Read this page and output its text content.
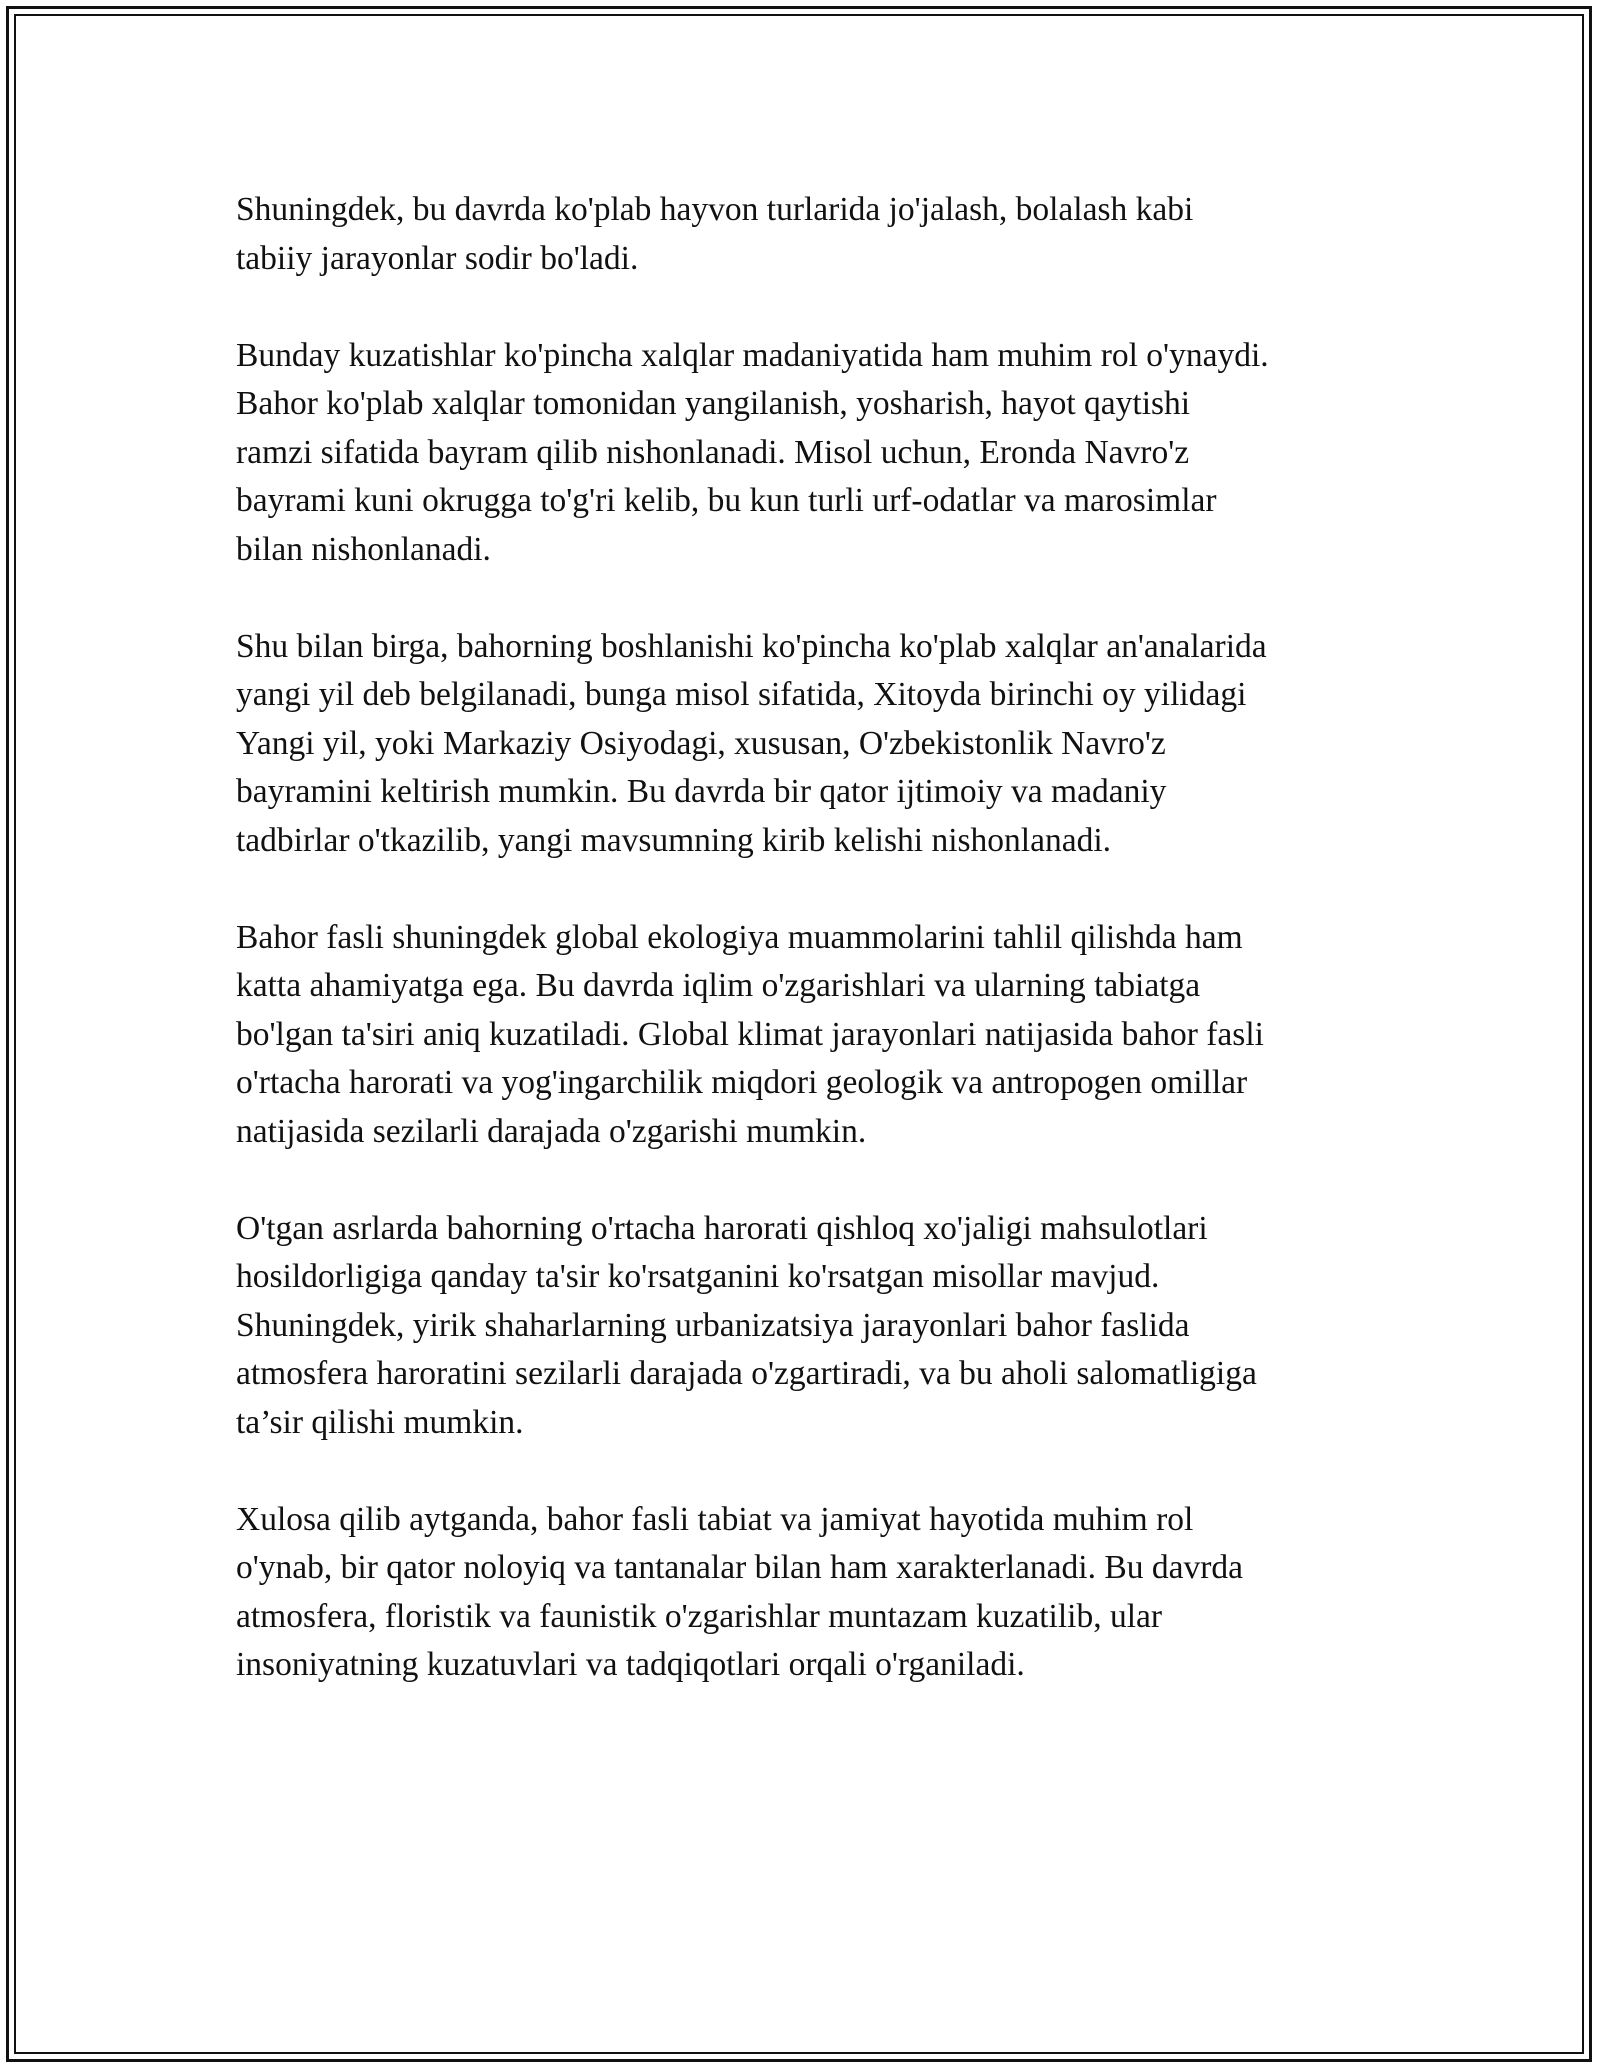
Shuningdek, bu davrda ko'plab hayvon turlarida jo'jalash, bolalash kabi
tabiiy jarayonlar sodir bo'ladi.

Bunday kuzatishlar ko'pincha xalqlar madaniyatida ham muhim rol o'ynaydi.
Bahor ko'plab xalqlar tomonidan yangilanish, yosharish, hayot qaytishi
ramzi sifatida bayram qilib nishonlanadi. Misol uchun, Eronda Navro'z
bayrami kuni okrugga to'g'ri kelib, bu kun turli urf-odatlar va marosimlar
bilan nishonlanadi.

Shu bilan birga, bahorning boshlanishi ko'pincha ko'plab xalqlar an'analarida
yangi yil deb belgilanadi, bunga misol sifatida, Xitoyda birinchi oy yilidagi
Yangi yil, yoki Markaziy Osiyodagi, xususan, O'zbekistonlik Navro'z
bayramini keltirish mumkin. Bu davrda bir qator ijtimoiy va madaniy
tadbirlar o'tkazilib, yangi mavsumning kirib kelishi nishonlanadi.

Bahor fasli shuningdek global ekologiya muammolarini tahlil qilishda ham
katta ahamiyatga ega. Bu davrda iqlim o'zgarishlari va ularning tabiatga
bo'lgan ta'siri aniq kuzatiladi. Global klimat jarayonlari natijasida bahor fasli
o'rtacha harorati va yog'ingarchilik miqdori geologik va antropogen omillar
natijasida sezilarli darajada o'zgarishi mumkin.

O'tgan asrlarda bahorning o'rtacha harorati qishloq xo'jaligi mahsulotlari
hosildorligiga qanday ta'sir ko'rsatganini ko'rsatgan misollar mavjud.
Shuningdek, yirik shaharlarning urbanizatsiya jarayonlari bahor faslida
atmosfera haroratini sezilarli darajada o'zgartiradi, va bu aholi salomatligiga
ta’sir qilishi mumkin.

Xulosa qilib aytganda, bahor fasli tabiat va jamiyat hayotida muhim rol
o'ynab, bir qator noloyiq va tantanalar bilan ham xarakterlanadi. Bu davrda
atmosfera, floristik va faunistik o'zgarishlar muntazam kuzatilib, ular
insoniyatning kuzatuvlari va tadqiqotlari orqali o'rganiladi.
